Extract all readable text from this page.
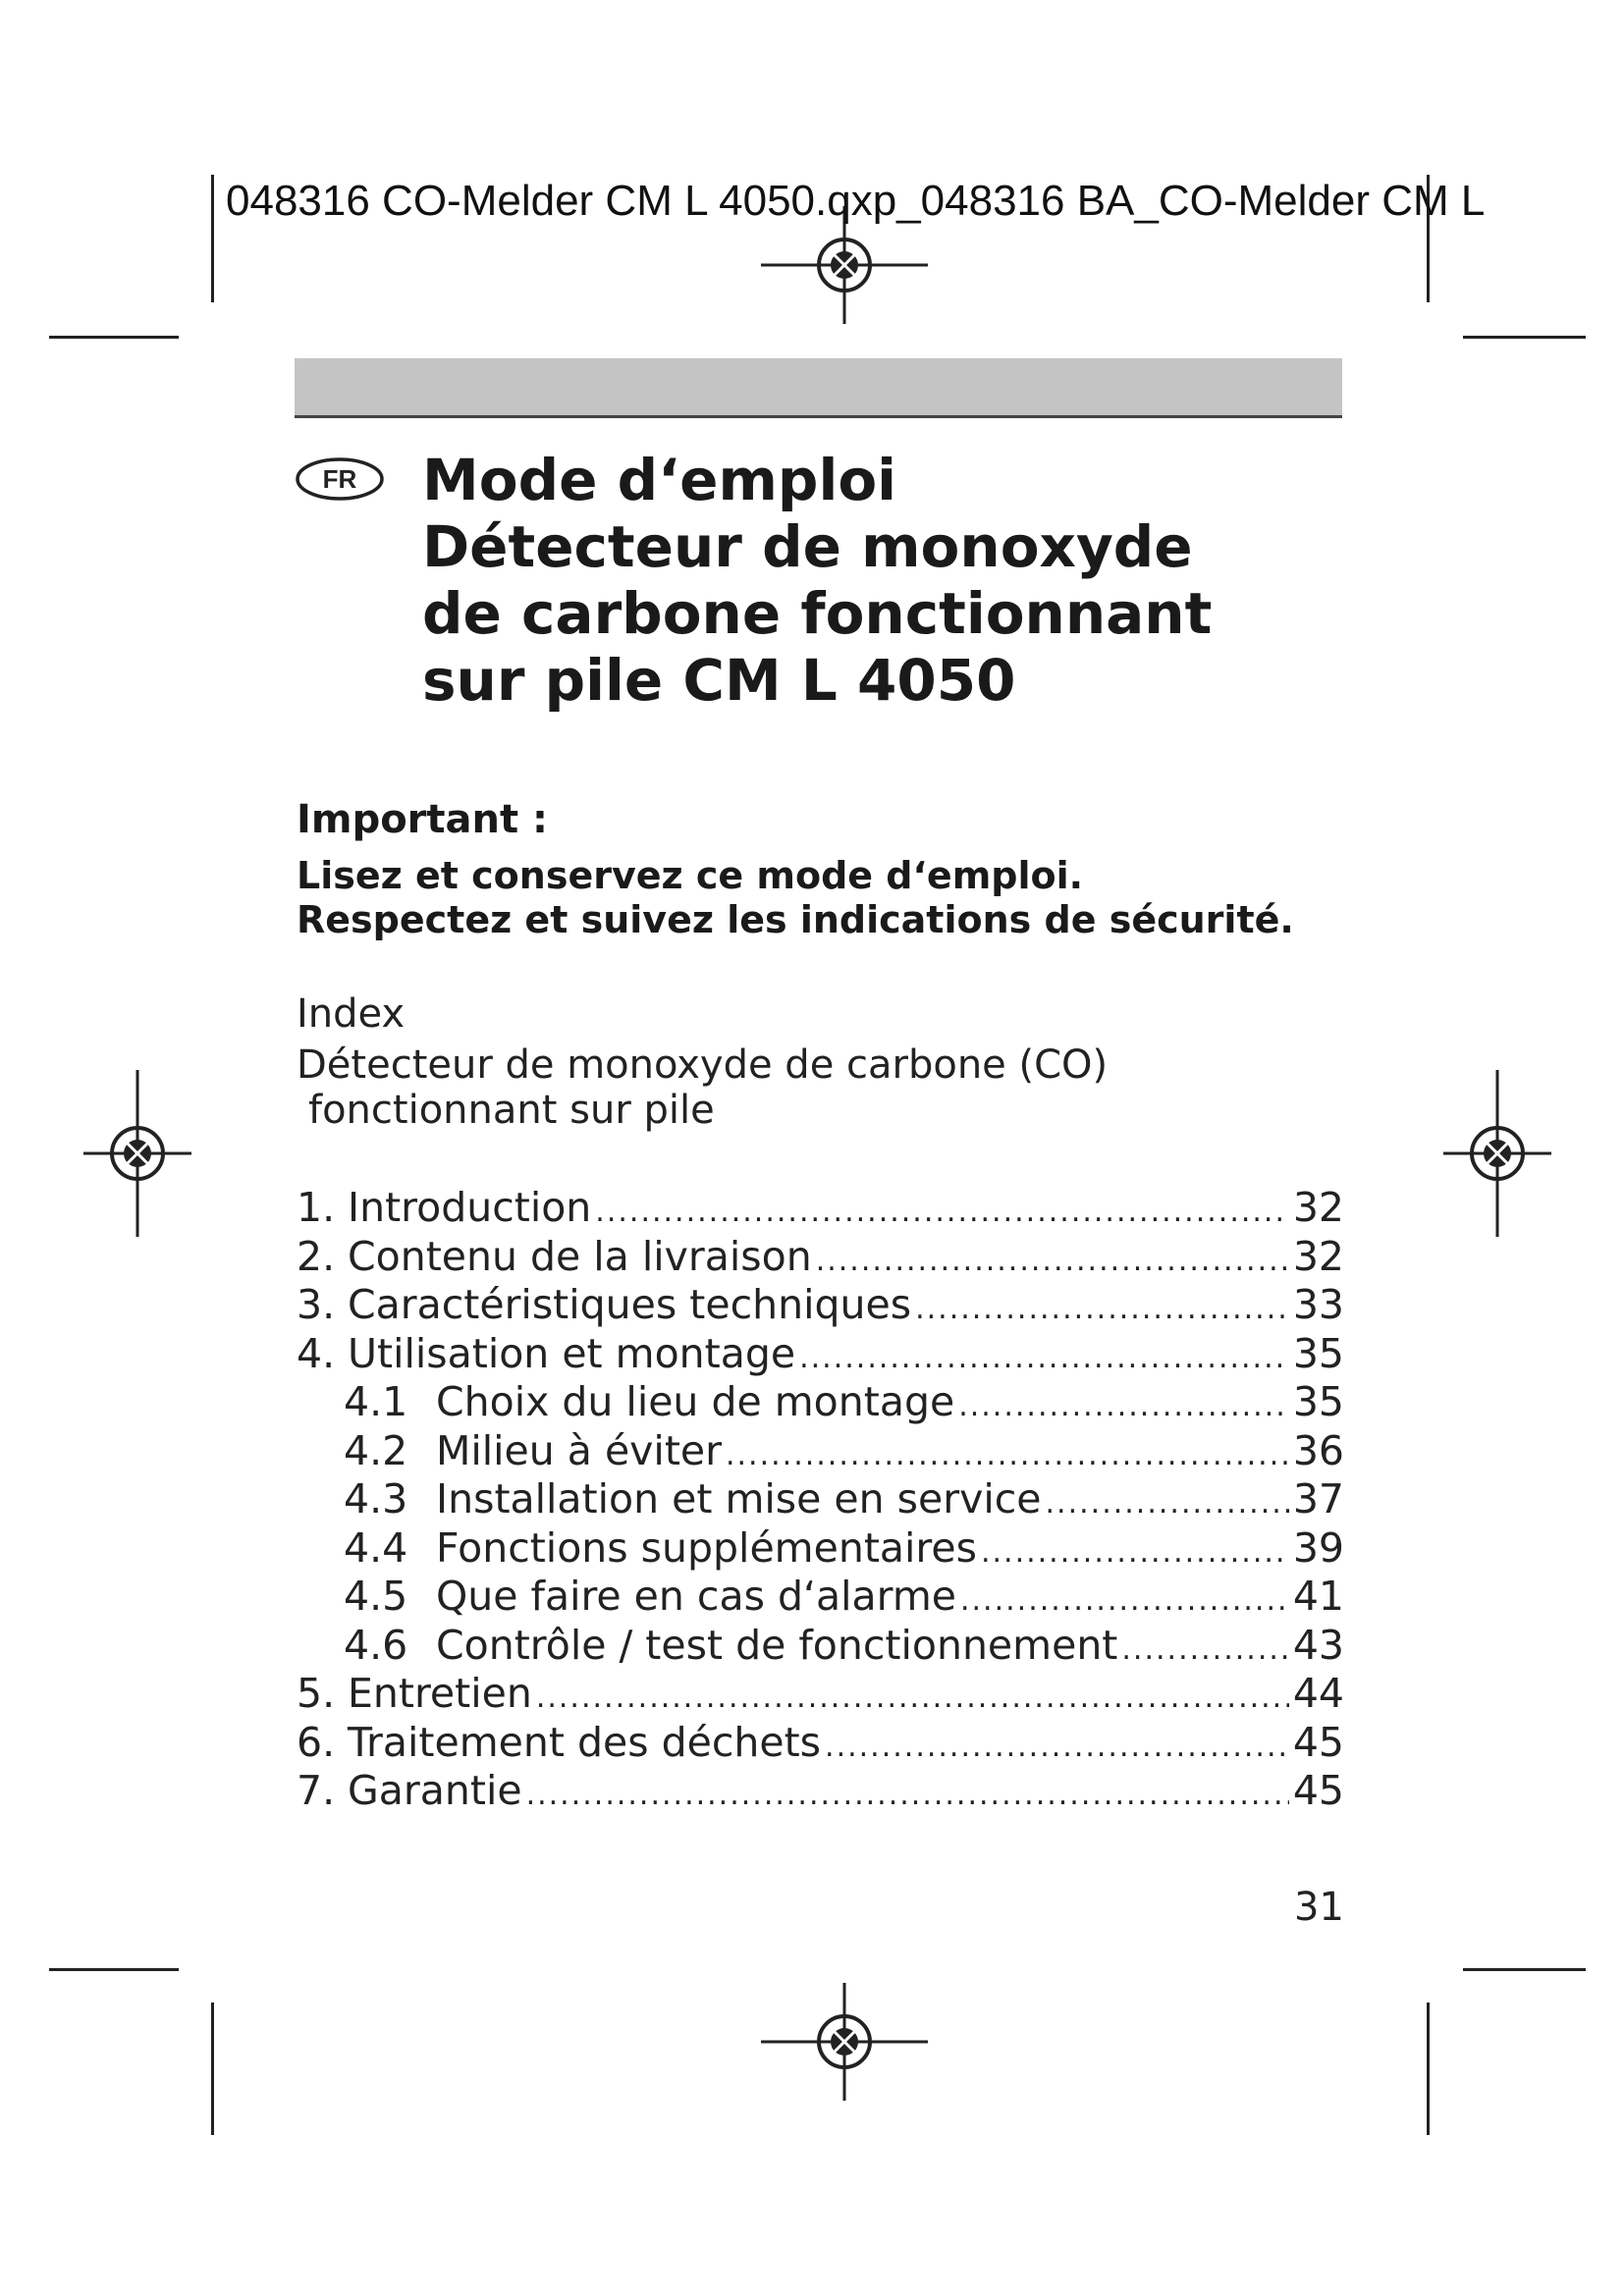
048316 CO-Melder CM L 4050.qxp_048316 BA_CO-Melder CM L
FR	Mode d‘emploi
Détecteur de monoxyde
de carbone fonctionnant
sur pile CM L 4050
Important :
Lisez et conservez ce mode d‘emploi.
Respectez et suivez les indications de sécurité.
Index
Détecteur de monoxyde de carbone (CO)
fonctionnant sur pile
1. Introduction .....	32
2. Contenu de la livraison .....	32
3. Caractéristiques techniques .....	33
4. Utilisation et montage .....	35
4.1 Choix du lieu de montage .....	35
4.2 Milieu à éviter .....	36
4.3 Installation et mise en service .....	37
4.4 Fonctions supplémentaires .....	39
4.5 Que faire en cas d‘alarme .....	41
4.6 Contrôle / test de fonctionnement .....	43
5. Entretien .....	44
6. Traitement des déchets .....	45
7. Garantie .....	45
31
